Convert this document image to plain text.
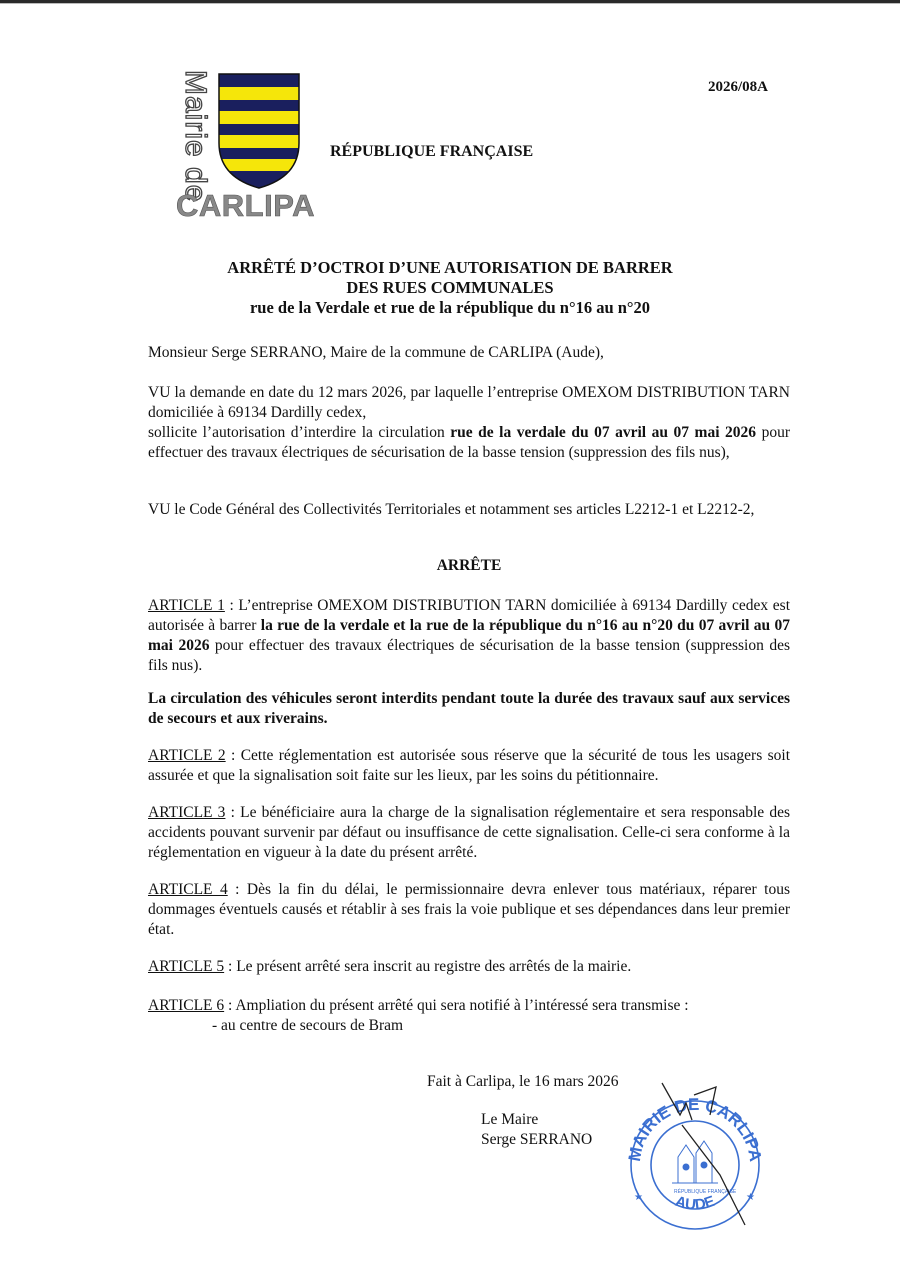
Mairie de
CARLIPA
2026/08A
RÉPUBLIQUE FRANÇAISE
ARRÊTÉ D’OCTROI D’UNE AUTORISATION DE BARRER
DES RUES COMMUNALES
rue de la Verdale et rue de la république du n°16 au n°20
Monsieur Serge SERRANO, Maire de la commune de CARLIPA (Aude),
VU la demande en date du 12 mars 2026, par laquelle l’entreprise OMEXOM DISTRIBUTION TARN domiciliée à 69134 Dardilly cedex,
sollicite l’autorisation d’interdire la circulation rue de la verdale du 07 avril au 07 mai 2026 pour effectuer des travaux électriques de sécurisation de la basse tension (suppression des fils nus),
VU le Code Général des Collectivités Territoriales et notamment ses articles L2212-1 et L2212-2,
ARRÊTE
ARTICLE 1 : L’entreprise OMEXOM DISTRIBUTION TARN domiciliée à 69134 Dardilly cedex est autorisée à barrer la rue de la verdale et la rue de la république du n°16 au n°20 du 07 avril au 07 mai 2026 pour effectuer des travaux électriques de sécurisation de la basse tension (suppression des fils nus).
La circulation des véhicules seront interdits pendant toute la durée des travaux sauf aux services de secours et aux riverains.
ARTICLE 2 : Cette réglementation est autorisée sous réserve que la sécurité de tous les usagers soit assurée et que la signalisation soit faite sur les lieux, par les soins du pétitionnaire.
ARTICLE 3 : Le bénéficiaire aura la charge de la signalisation réglementaire et sera responsable des accidents pouvant survenir par défaut ou insuffisance de cette signalisation. Celle-ci sera conforme à la réglementation en vigueur à la date du présent arrêté.
ARTICLE 4 : Dès la fin du délai, le permissionnaire devra enlever tous matériaux, réparer tous dommages éventuels causés et rétablir à ses frais la voie publique et ses dépendances dans leur premier état.
ARTICLE 5 : Le présent arrêté sera inscrit au registre des arrêtés de la mairie.
ARTICLE 6 : Ampliation du présent arrêté qui sera notifié à l’intéressé sera transmise :
- au centre de secours de Bram
Fait à Carlipa, le 16 mars 2026
Le Maire
Serge SERRANO
MAIRIE DE CARLIPA
AUDE
RÉPUBLIQUE FRANÇAISE
★	★
